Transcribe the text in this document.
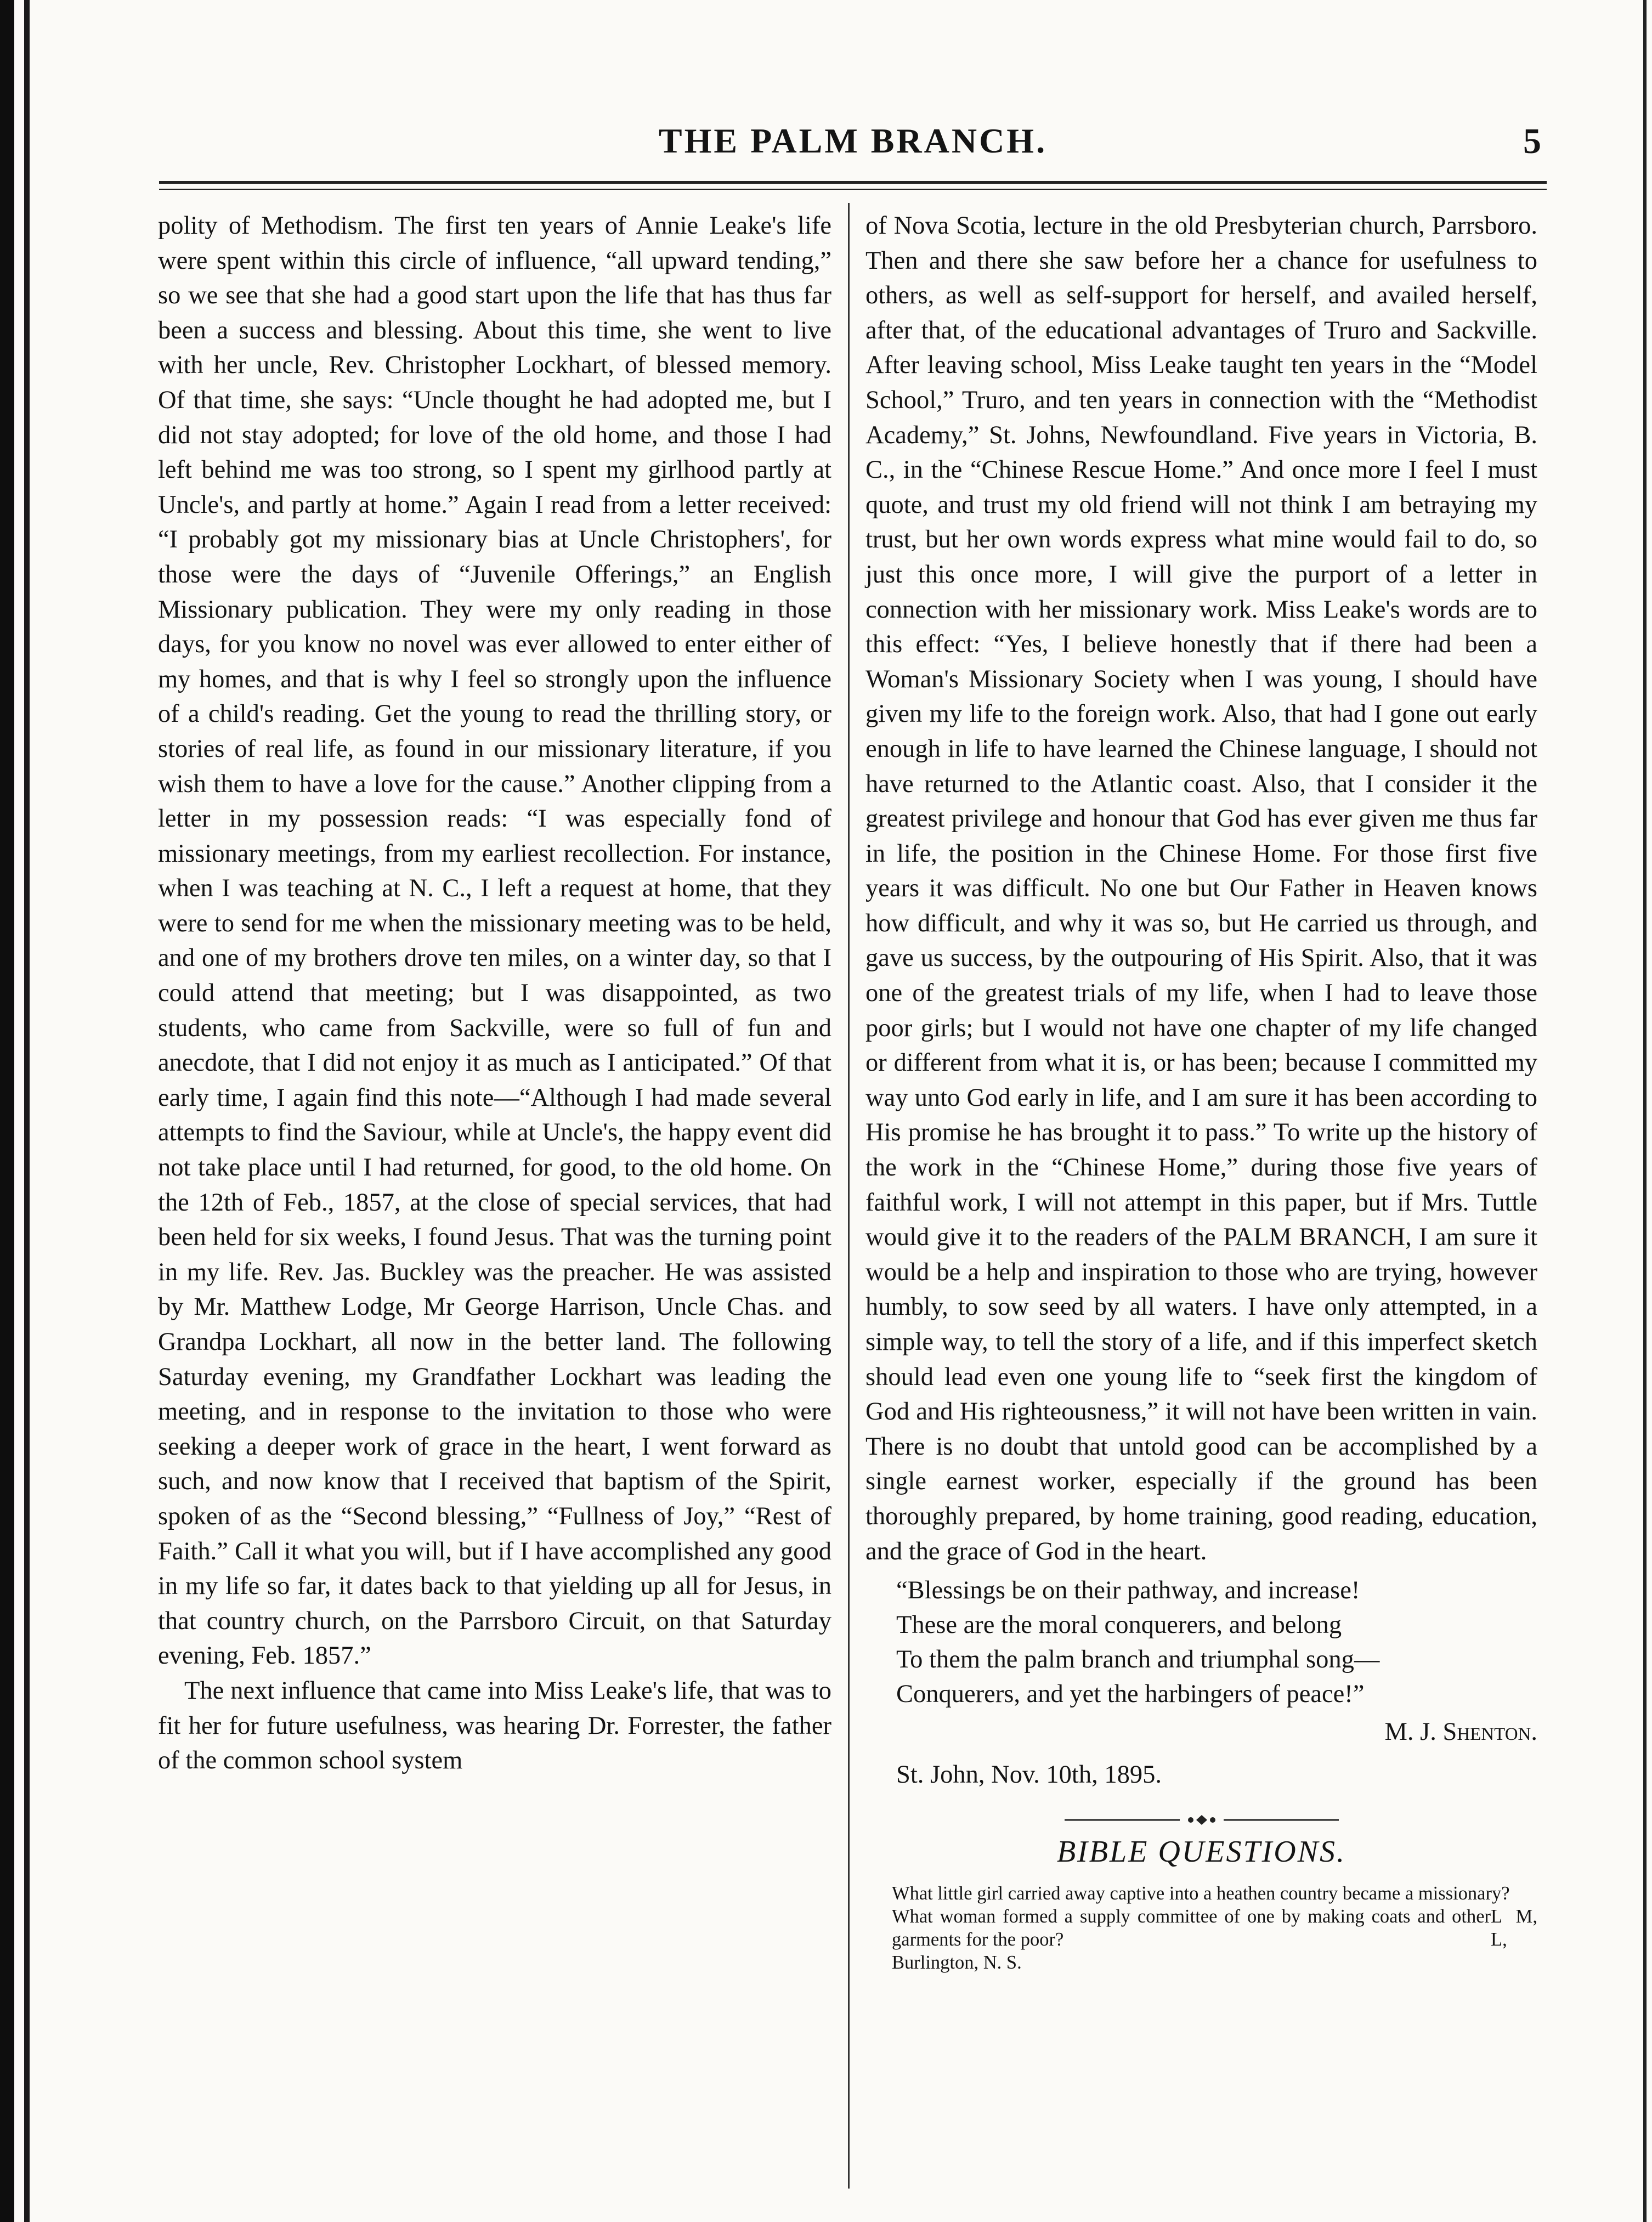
THE PALM BRANCH.	5

polity of Methodism. The first ten years of Annie Leake's life were spent within this circle of influence, “all upward tending,” so we see that she had a good start upon the life that has thus far been a success and blessing. About this time, she went to live with her uncle, Rev. Christopher Lockhart, of blessed memory. Of that time, she says: “Uncle thought he had adopted me, but I did not stay adopted; for love of the old home, and those I had left behind me was too strong, so I spent my girlhood partly at Uncle's, and partly at home.” Again I read from a letter received: “I probably got my missionary bias at Uncle Christophers', for those were the days of “Juvenile Offerings,” an English Missionary publication. They were my only reading in those days, for you know no novel was ever allowed to enter either of my homes, and that is why I feel so strongly upon the influence of a child's reading. Get the young to read the thrilling story, or stories of real life, as found in our missionary literature, if you wish them to have a love for the cause.” Another clipping from a letter in my possession reads: “I was especially fond of missionary meetings, from my earliest recollection. For instance, when I was teaching at N. C., I left a request at home, that they were to send for me when the missionary meeting was to be held, and one of my brothers drove ten miles, on a winter day, so that I could attend that meeting; but I was disappointed, as two students, who came from Sackville, were so full of fun and anecdote, that I did not enjoy it as much as I anticipated.” Of that early time, I again find this note—“Although I had made several attempts to find the Saviour, while at Uncle's, the happy event did not take place until I had returned, for good, to the old home. On the 12th of Feb., 1857, at the close of special services, that had been held for six weeks, I found Jesus. That was the turning point in my life. Rev. Jas. Buckley was the preacher. He was assisted by Mr. Matthew Lodge, Mr George Harrison, Uncle Chas. and Grandpa Lockhart, all now in the better land. The following Saturday evening, my Grandfather Lockhart was leading the meeting, and in response to the invitation to those who were seeking a deeper work of grace in the heart, I went forward as such, and now know that I received that baptism of the Spirit, spoken of as the “Second blessing,” “Fullness of Joy,” “Rest of Faith.” Call it what you will, but if I have accomplished any good in my life so far, it dates back to that yielding up all for Jesus, in that country church, on the Parrsboro Circuit, on that Saturday evening, Feb. 1857.”

The next influence that came into Miss Leake's life, that was to fit her for future usefulness, was hearing Dr. Forrester, the father of the common school system

of Nova Scotia, lecture in the old Presbyterian church, Parrsboro. Then and there she saw before her a chance for usefulness to others, as well as self-support for herself, and availed herself, after that, of the educational advantages of Truro and Sackville. After leaving school, Miss Leake taught ten years in the “Model School,” Truro, and ten years in connection with the “Methodist Academy,” St. Johns, Newfoundland. Five years in Victoria, B. C., in the “Chinese Rescue Home.” And once more I feel I must quote, and trust my old friend will not think I am betraying my trust, but her own words express what mine would fail to do, so just this once more, I will give the purport of a letter in connection with her missionary work. Miss Leake's words are to this effect: “Yes, I believe honestly that if there had been a Woman's Missionary Society when I was young, I should have given my life to the foreign work. Also, that had I gone out early enough in life to have learned the Chinese language, I should not have returned to the Atlantic coast. Also, that I consider it the greatest privilege and honour that God has ever given me thus far in life, the position in the Chinese Home. For those first five years it was difficult. No one but Our Father in Heaven knows how difficult, and why it was so, but He carried us through, and gave us success, by the outpouring of His Spirit. Also, that it was one of the greatest trials of my life, when I had to leave those poor girls; but I would not have one chapter of my life changed or different from what it is, or has been; because I committed my way unto God early in life, and I am sure it has been according to His promise he has brought it to pass.” To write up the history of the work in the “Chinese Home,” during those five years of faithful work, I will not attempt in this paper, but if Mrs. Tuttle would give it to the readers of the PALM BRANCH, I am sure it would be a help and inspiration to those who are trying, however humbly, to sow seed by all waters. I have only attempted, in a simple way, to tell the story of a life, and if this imperfect sketch should lead even one young life to “seek first the kingdom of God and His righteousness,” it will not have been written in vain. There is no doubt that untold good can be accomplished by a single earnest worker, especially if the ground has been thoroughly prepared, by home training, good reading, education, and the grace of God in the heart.

“Blessings be on their pathway, and increase!
These are the moral conquerers, and belong
To them the palm branch and triumphal song—
Conquerers, and yet the harbingers of peace!”
M. J. Shenton.
St. John, Nov. 10th, 1895.
BIBLE QUESTIONS.

What little girl carried away captive into a heathen country became a missionary?

What woman formed a supply committee of one by making coats and other garments for the poor?
L M, L,

Burlington, N. S.
